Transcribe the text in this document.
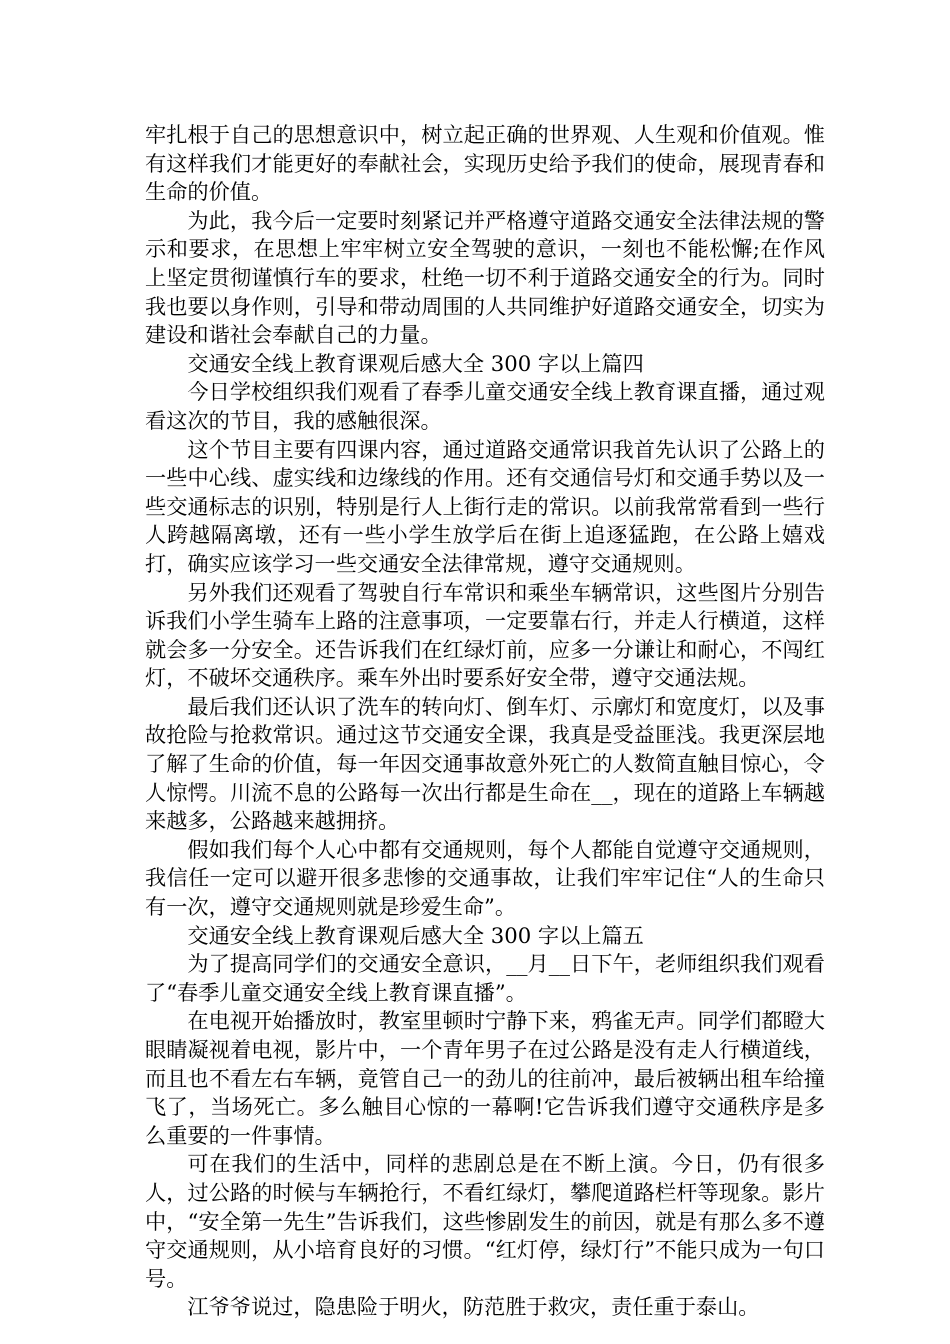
牢扎根于自己的思想意识中，树立起正确的世界观、人生观和价值观。惟有这样我们才能更好的奉献社会，实现历史给予我们的使命，展现青春和生命的价值。

为此，我今后一定要时刻紧记并严格遵守道路交通安全法律法规的警示和要求，在思想上牢牢树立安全驾驶的意识，一刻也不能松懈;在作风上坚定贯彻谨慎行车的要求，杜绝一切不利于道路交通安全的行为。同时我也要以身作则，引导和带动周围的人共同维护好道路交通安全，切实为建设和谐社会奉献自己的力量。

交通安全线上教育课观后感大全 300 字以上篇四

今日学校组织我们观看了春季儿童交通安全线上教育课直播，通过观看这次的节目，我的感触很深。

这个节目主要有四课内容，通过道路交通常识我首先认识了公路上的一些中心线、虚实线和边缘线的作用。还有交通信号灯和交通手势以及一些交通标志的识别，特别是行人上街行走的常识。以前我常常看到一些行人跨越隔离墩，还有一些小学生放学后在街上追逐猛跑，在公路上嬉戏打，确实应该学习一些交通安全法律常规，遵守交通规则。

另外我们还观看了驾驶自行车常识和乘坐车辆常识，这些图片分别告诉我们小学生骑车上路的注意事项，一定要靠右行，并走人行横道，这样就会多一分安全。还告诉我们在红绿灯前，应多一分谦让和耐心，不闯红灯，不破坏交通秩序。乘车外出时要系好安全带，遵守交通法规。

最后我们还认识了洗车的转向灯、倒车灯、示廓灯和宽度灯，以及事故抢险与抢救常识。通过这节交通安全课，我真是受益匪浅。我更深层地了解了生命的价值，每一年因交通事故意外死亡的人数简直触目惊心，令人惊愕。川流不息的公路每一次出行都是生命在__，现在的道路上车辆越来越多，公路越来越拥挤。

假如我们每个人心中都有交通规则，每个人都能自觉遵守交通规则，我信任一定可以避开很多悲惨的交通事故，让我们牢牢记住“人的生命只有一次，遵守交通规则就是珍爱生命”。

交通安全线上教育课观后感大全 300 字以上篇五

为了提高同学们的交通安全意识，__月__日下午，老师组织我们观看了“春季儿童交通安全线上教育课直播”。

在电视开始播放时，教室里顿时宁静下来，鸦雀无声。同学们都瞪大眼睛凝视着电视，影片中，一个青年男子在过公路是没有走人行横道线，而且也不看左右车辆，竟管自己一的劲儿的往前冲，最后被辆出租车给撞飞了，当场死亡。多么触目心惊的一幕啊!它告诉我们遵守交通秩序是多么重要的一件事情。

可在我们的生活中，同样的悲剧总是在不断上演。今日，仍有很多人，过公路的时候与车辆抢行，不看红绿灯，攀爬道路栏杆等现象。影片中，“安全第一先生”告诉我们，这些惨剧发生的前因，就是有那么多不遵守交通规则，从小培育良好的习惯。“红灯停，绿灯行”不能只成为一句口号。

江爷爷说过，隐患险于明火，防范胜于救灾，责任重于泰山。
